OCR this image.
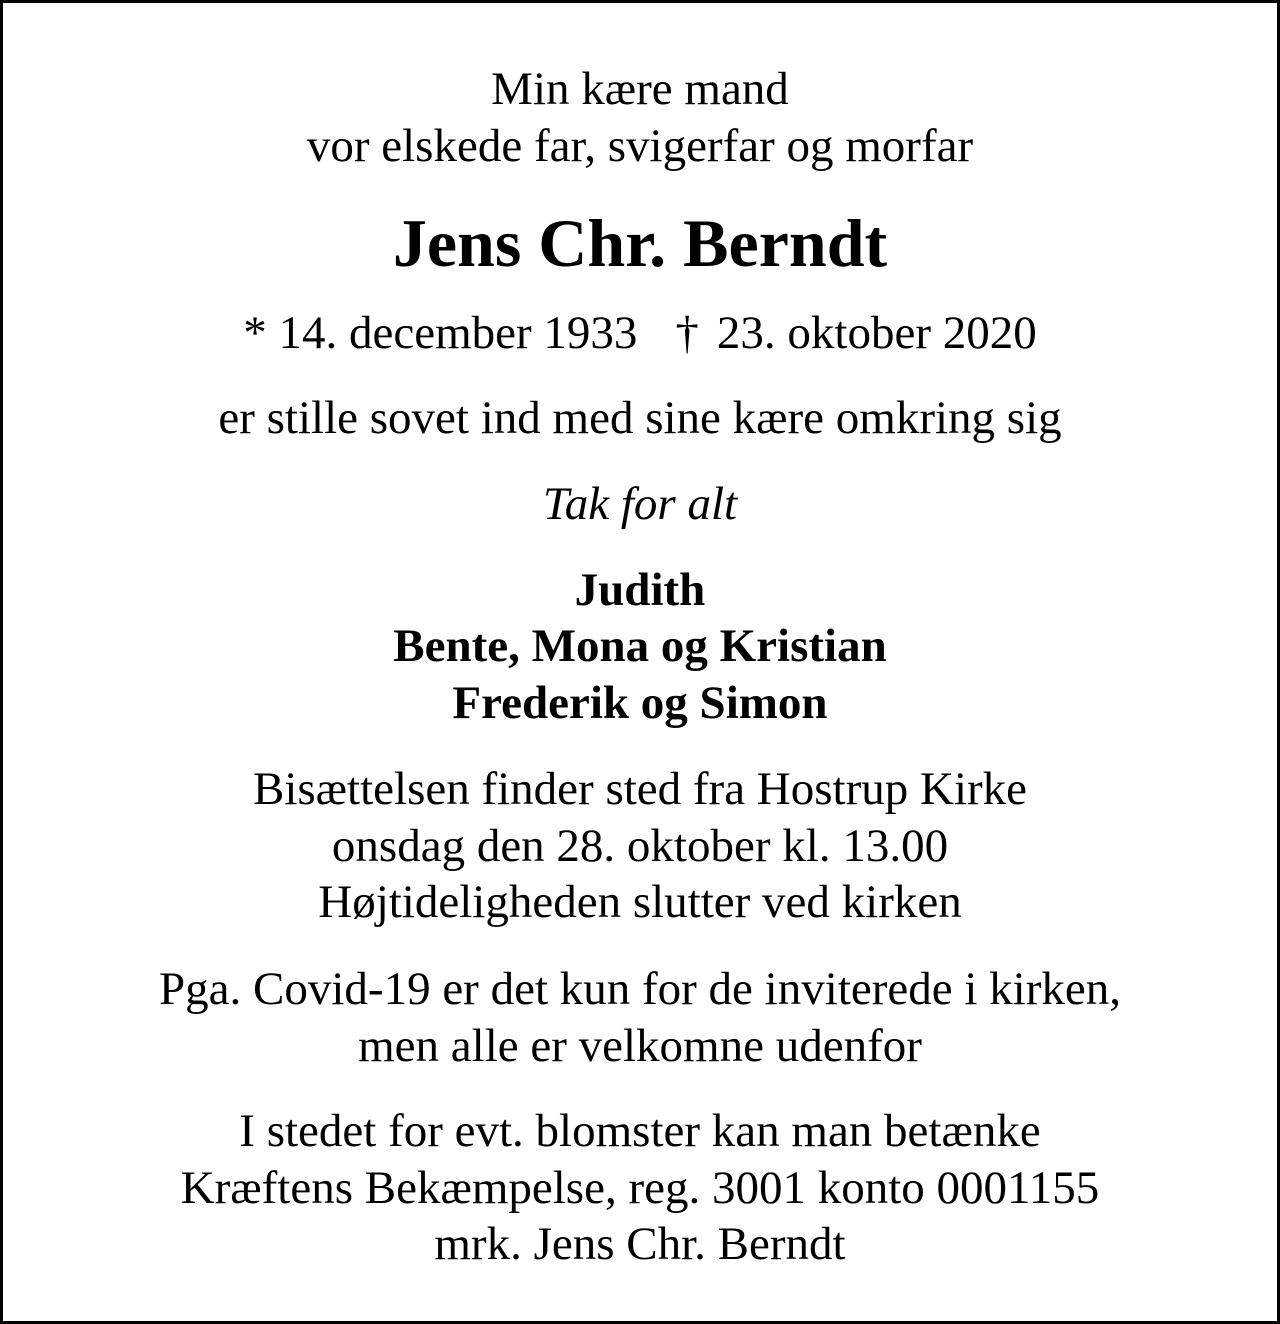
Min kære mand
vor elskede far, svigerfar og morfar
Jens Chr. Berndt
* 14. december 1933 † 23. oktober 2020
er stille sovet ind med sine kære omkring sig
Tak for alt
Judith
Bente, Mona og Kristian
Frederik og Simon
Bisættelsen finder sted fra Hostrup Kirke
onsdag den 28. oktober kl. 13.00
Højtideligheden slutter ved kirken
Pga. Covid-19 er det kun for de inviterede i kirken,
men alle er velkomne udenfor
I stedet for evt. blomster kan man betænke
Kræftens Bekæmpelse, reg. 3001 konto 0001155
mrk. Jens Chr. Berndt
